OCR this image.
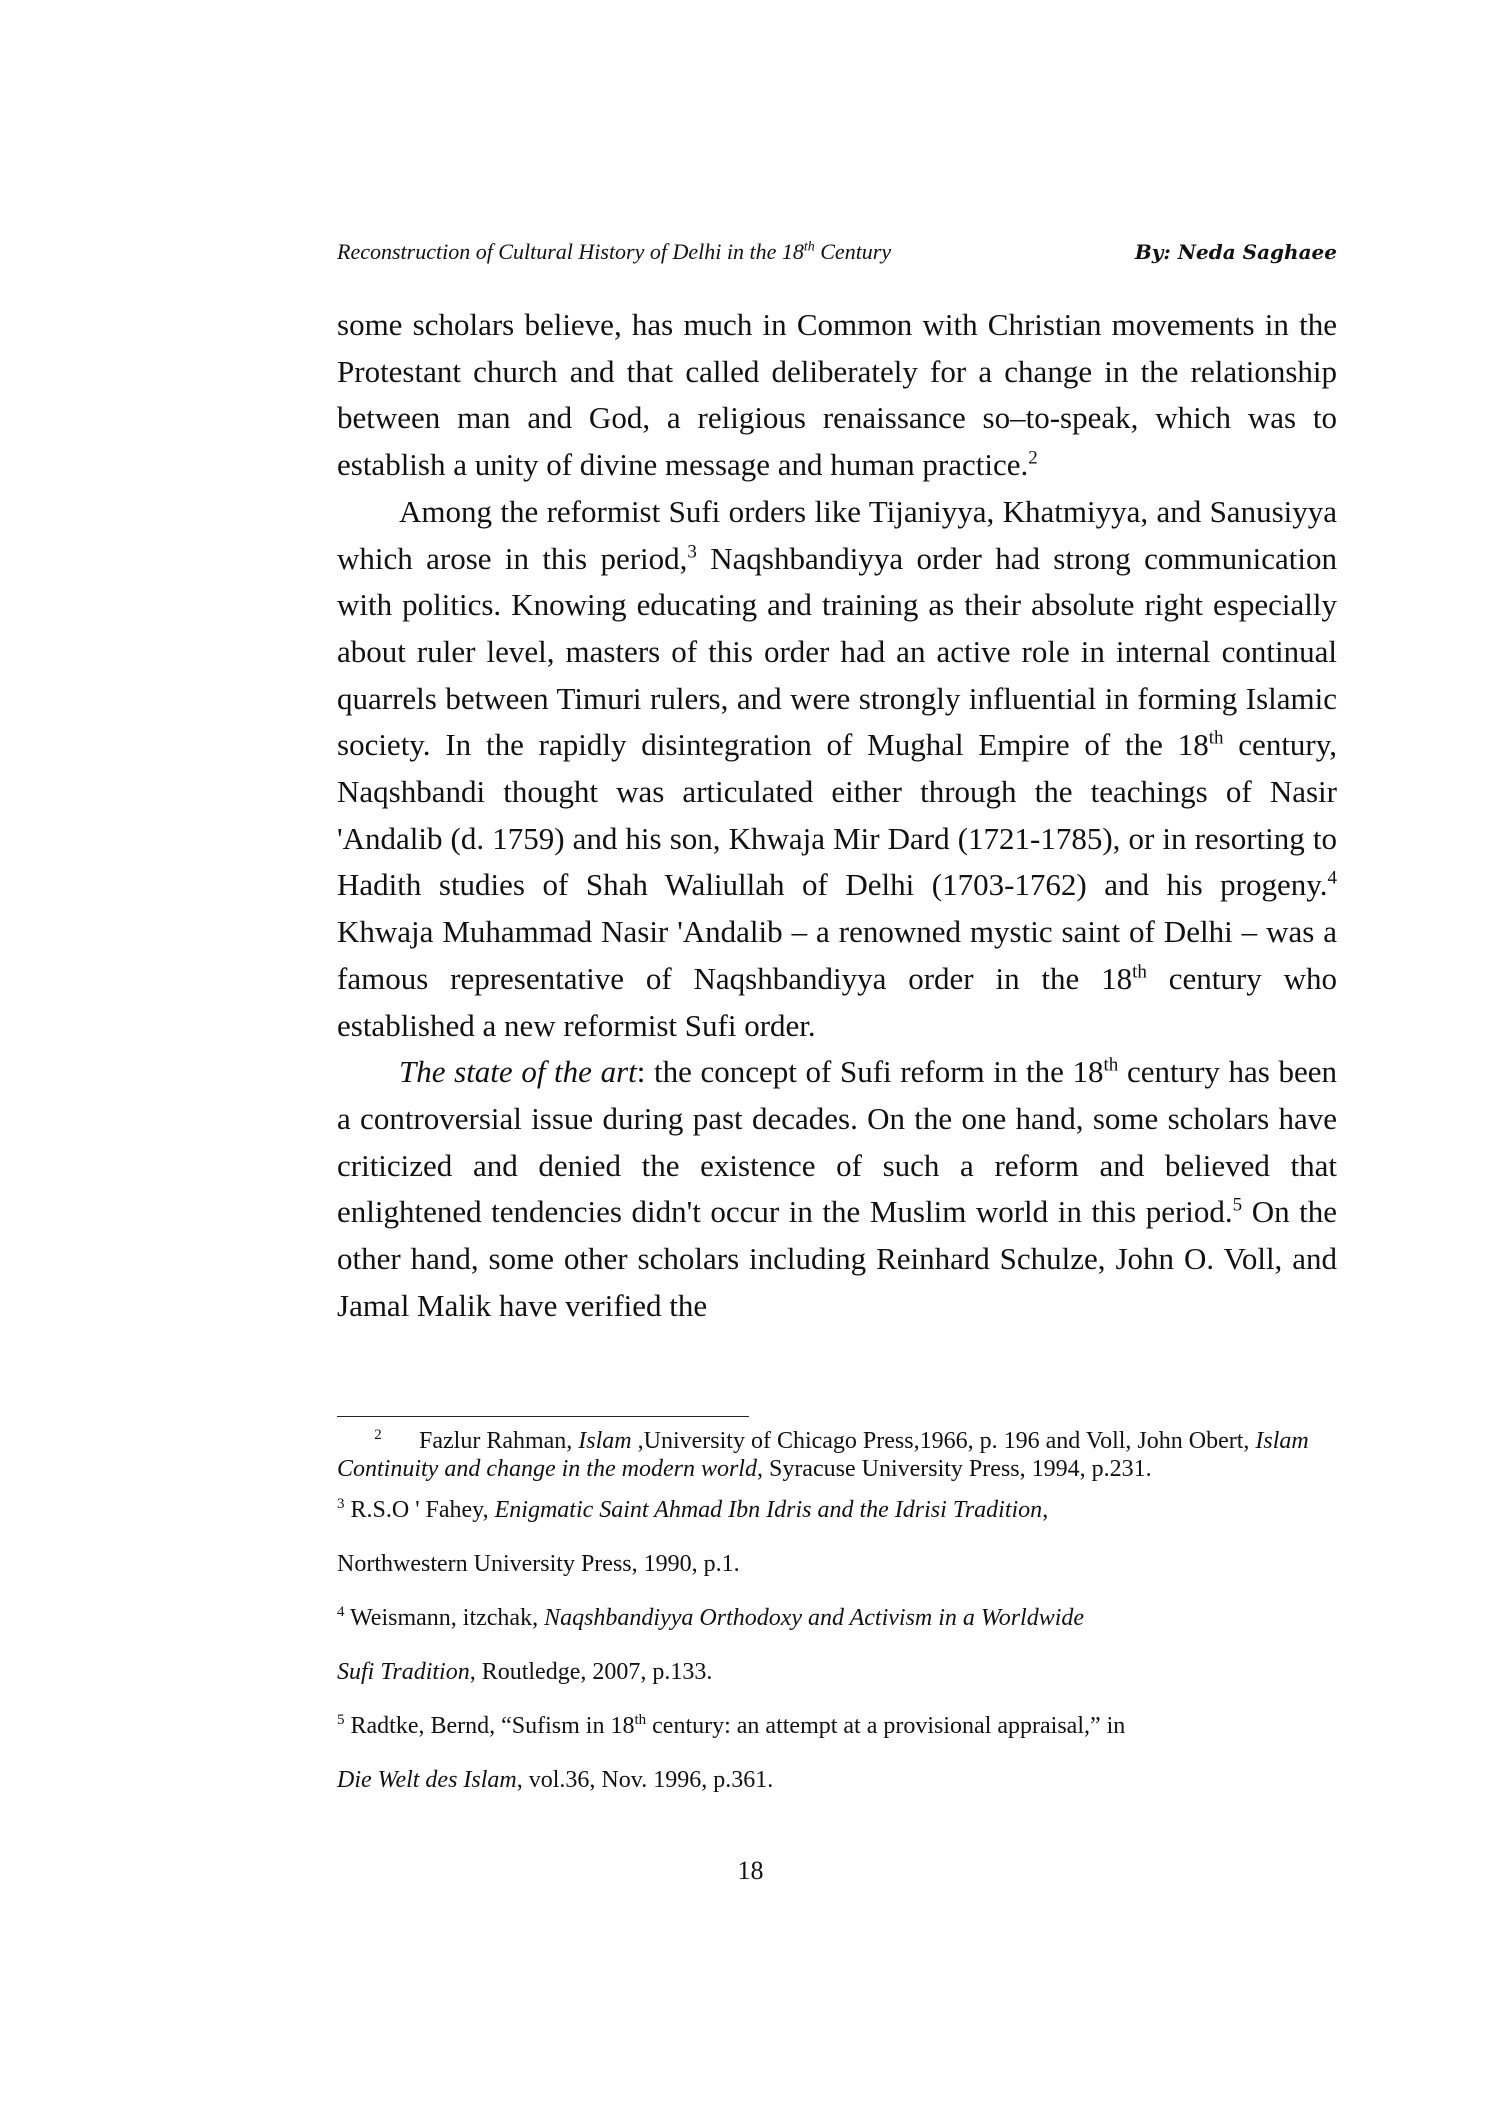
Reconstruction of Cultural History of Delhi in the 18th Century	By: Neda Saghaee

some scholars believe, has much in Common with Christian movements in the Protestant church and that called deliberately for a change in the relationship between man and God, a religious renaissance so–to-speak, which was to establish a unity of divine message and human practice.$^2$

Among the reformist Sufi orders like Tijaniyya, Khatmiyya, and Sanusiyya which arose in this period,$^3$ Naqshbandiyya order had strong communication with politics. Knowing educating and training as their absolute right especially about ruler level, masters of this order had an active role in internal continual quarrels between Timuri rulers, and were strongly influential in forming Islamic society. In the rapidly disintegration of Mughal Empire of the 18th century, Naqshbandi thought was articulated either through the teachings of Nasir 'Andalib (d. 1759) and his son, Khwaja Mir Dard (1721-1785), or in resorting to Hadith studies of Shah Waliullah of Delhi (1703-1762) and his progeny.$^4$ Khwaja Muhammad Nasir 'Andalib – a renowned mystic saint of Delhi – was a famous representative of Naqshbandiyya order in the 18th century who established a new reformist Sufi order.

The state of the art: the concept of Sufi reform in the 18th century has been a controversial issue during past decades. On the one hand, some scholars have criticized and denied the existence of such a reform and believed that enlightened tendencies didn't occur in the Muslim world in this period.$^5$ On the other hand, some other scholars including Reinhard Schulze, John O. Voll, and Jamal Malik have verified the

$^2$ Fazlur Rahman, Islam ,University of Chicago Press,1966, p. 196 and Voll, John Obert, Islam Continuity and change in the modern world, Syracuse University Press, 1994, p.231.

$^3$ R.S.O ' Fahey, Enigmatic Saint Ahmad Ibn Idris and the Idrisi Tradition,
Northwestern University Press, 1990, p.1.

$^4$ Weismann, itzchak, Naqshbandiyya Orthodoxy and Activism in a Worldwide
Sufi Tradition, Routledge, 2007, p.133.

$^5$ Radtke, Bernd, “Sufism in 18th century: an attempt at a provisional appraisal,” in
Die Welt des Islam, vol.36, Nov. 1996, p.361.

18
